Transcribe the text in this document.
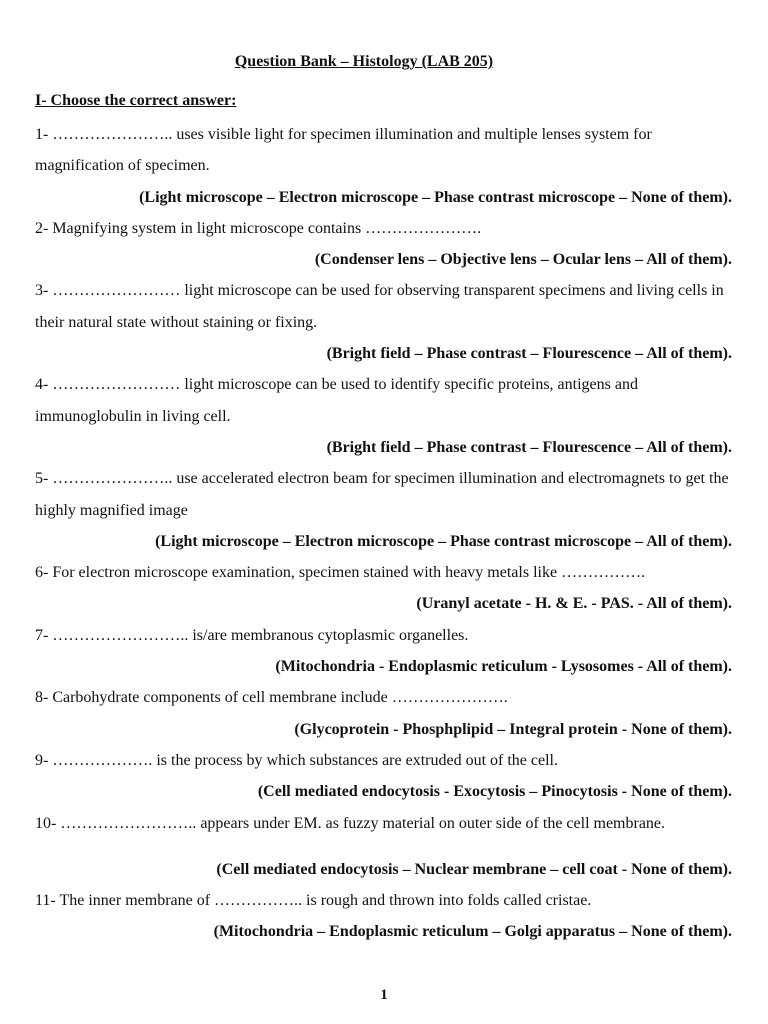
Question Bank – Histology (LAB 205)
I- Choose the correct answer:

1- ………………….. uses visible light for specimen illumination and multiple lenses system for magnification of specimen.

(Light microscope – Electron microscope – Phase contrast microscope – None of them).

2- Magnifying system in light microscope contains ………………….

(Condenser lens – Objective lens – Ocular lens – All of them).

3- …………………… light microscope can be used for observing transparent specimens and living cells in their natural state without staining or fixing.

(Bright field – Phase contrast – Flourescence – All of them).

4- …………………… light microscope can be used to identify specific proteins, antigens and immunoglobulin in living cell.

(Bright field – Phase contrast – Flourescence – All of them).

5- ………………….. use accelerated electron beam for specimen illumination and electromagnets to get the highly magnified image

(Light microscope – Electron microscope – Phase contrast microscope – All of them).

6- For electron microscope examination, specimen stained with heavy metals like …………….

(Uranyl acetate - H. & E. - PAS. - All of them).

7- …………………….. is/are membranous cytoplasmic organelles.

(Mitochondria - Endoplasmic reticulum - Lysosomes - All of them).

8- Carbohydrate components of cell membrane include ………………….

(Glycoprotein - Phosphplipid – Integral protein - None of them).

9- ………………. is the process by which substances are extruded out of the cell.

(Cell mediated endocytosis - Exocytosis – Pinocytosis - None of them).

10- …………………….. appears under EM. as fuzzy material on outer side of the cell membrane.

(Cell mediated endocytosis – Nuclear membrane – cell coat - None of them).

11- The inner membrane of …………….. is rough and thrown into folds called cristae.

(Mitochondria – Endoplasmic reticulum – Golgi apparatus – None of them).

1
